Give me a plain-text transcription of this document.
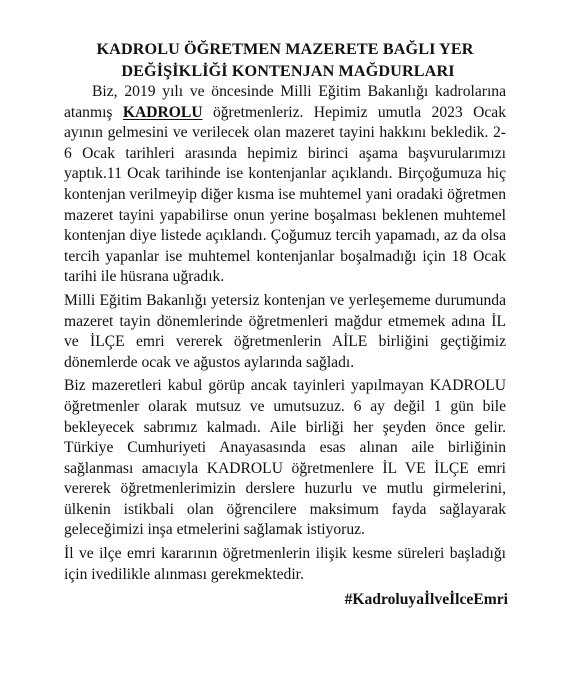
KADROLU ÖĞRETMEN MAZERETE BAĞLI YER
DEĞİŞİKLİĞİ KONTENJAN MAĞDURLARI

Biz, 2019 yılı ve öncesinde Milli Eğitim Bakanlığı kadrolarına atanmış KADROLU öğretmenleriz. Hepimiz umutla 2023 Ocak ayının gelmesini ve verilecek olan mazeret tayini hakkını bekledik. 2-6 Ocak tarihleri arasında hepimiz birinci aşama başvurularımızı yaptık.11 Ocak tarihinde ise kontenjanlar açıklandı. Birçoğumuza hiç kontenjan verilmeyip diğer kısma ise muhtemel yani oradaki öğretmen mazeret tayini yapabilirse onun yerine boşalması beklenen muhtemel kontenjan diye listede açıklandı. Çoğumuz tercih yapamadı, az da olsa tercih yapanlar ise muhtemel kontenjanlar boşalmadığı için 18 Ocak tarihi ile hüsrana uğradık.

Milli Eğitim Bakanlığı yetersiz kontenjan ve yerleşememe durumunda mazeret tayin dönemlerinde öğretmenleri mağdur etmemek adına İL ve İLÇE emri vererek öğretmenlerin AİLE birliğini geçtiğimiz dönemlerde ocak ve ağustos aylarında sağladı.

Biz mazeretleri kabul görüp ancak tayinleri yapılmayan KADROLU öğretmenler olarak mutsuz ve umutsuzuz. 6 ay değil 1 gün bile bekleyecek sabrımız kalmadı. Aile birliği her şeyden önce gelir. Türkiye Cumhuriyeti Anayasasında esas alınan aile birliğinin sağlanması amacıyla KADROLU öğretmenlere İL VE İLÇE emri vererek öğretmenlerimizin derslere huzurlu ve mutlu girmelerini, ülkenin istikbali olan öğrencilere maksimum fayda sağlayarak geleceğimizi inşa etmelerini sağlamak istiyoruz.

İl ve ilçe emri kararının öğretmenlerin ilişik kesme süreleri başladığı için ivedilikle alınması gerekmektedir.

#KadroluyaİlveİlceEmri
